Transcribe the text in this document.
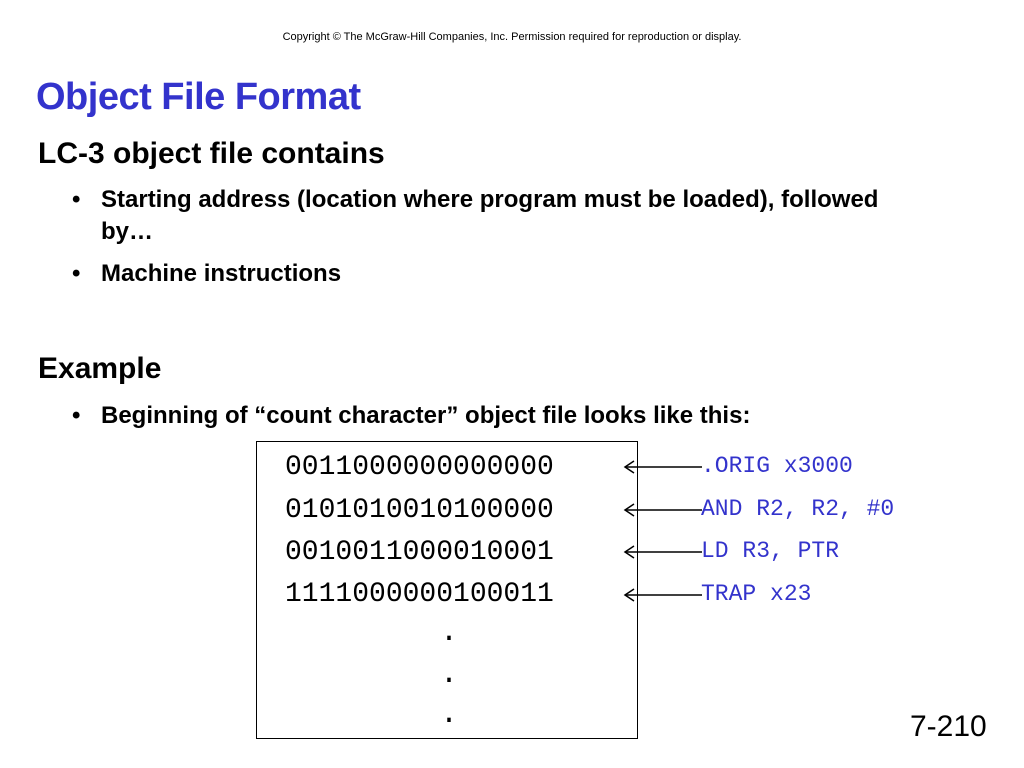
Copyright © The McGraw-Hill Companies, Inc. Permission required for reproduction or display.
Object File Format
LC-3 object file contains
• Starting address (location where program must be loaded), followed by…
• Machine instructions
Example
• Beginning of “count character” object file looks like this:
0011000000000000
0101010010100000
0010011000010001
1111000000100011
.
.
.
.ORIG x3000
AND R2, R2, #0
LD R3, PTR
TRAP x23
7-210
